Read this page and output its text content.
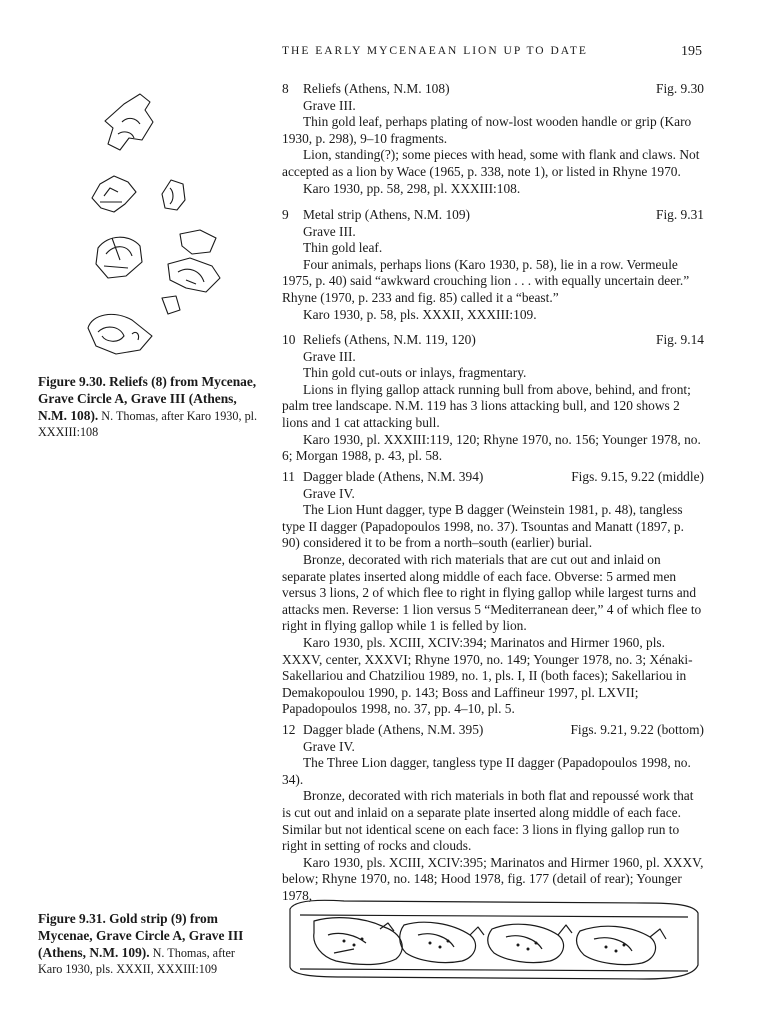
THE EARLY MYCENAEAN LION UP TO DATE	195
Figure 9.30. Reliefs (8) from Mycenae, Grave Circle A, Grave III (Athens, N.M. 108). N. Thomas, after Karo 1930, pl. XXXIII:108
8 Reliefs (Athens, N.M. 108)	Fig. 9.30
Grave III.

Thin gold leaf, perhaps plating of now-lost wooden handle or grip (Karo 1930, p. 298), 9–10 fragments.

Lion, standing(?); some pieces with head, some with flank and claws. Not accepted as a lion by Wace (1965, p. 338, note 1), or listed in Rhyne 1970.

Karo 1930, pp. 58, 298, pl. XXXIII:108.

9 Metal strip (Athens, N.M. 109)	Fig. 9.31
Grave III.

Thin gold leaf.

Four animals, perhaps lions (Karo 1930, p. 58), lie in a row. Vermeule 1975, p. 40) said “awkward crouching lion . . . with equally uncertain deer.” Rhyne (1970, p. 233 and fig. 85) called it a “beast.”

Karo 1930, p. 58, pls. XXXII, XXXIII:109.

10 Reliefs (Athens, N.M. 119, 120)	Fig. 9.14
Grave III.

Thin gold cut-outs or inlays, fragmentary.

Lions in flying gallop attack running bull from above, behind, and front; palm tree landscape. N.M. 119 has 3 lions attacking bull, and 120 shows 2 lions and 1 cat attacking bull.

Karo 1930, pl. XXXIII:119, 120; Rhyne 1970, no. 156; Younger 1978, no. 6; Morgan 1988, p. 43, pl. 58.

11 Dagger blade (Athens, N.M. 394)	Figs. 9.15, 9.22 (middle)
Grave IV.

The Lion Hunt dagger, type B dagger (Weinstein 1981, p. 48), tangless type II dagger (Papadopoulos 1998, no. 37). Tsountas and Manatt (1897, p. 90) considered it to be from a north–south (earlier) burial.

Bronze, decorated with rich materials that are cut out and inlaid on separate plates inserted along middle of each face. Obverse: 5 armed men versus 3 lions, 2 of which flee to right in flying gallop while largest turns and attacks men. Reverse: 1 lion versus 5 “Mediterranean deer,” 4 of which flee to right in flying gallop while 1 is felled by lion.

Karo 1930, pls. XCIII, XCIV:394; Marinatos and Hirmer 1960, pls. XXXV, center, XXXVI; Rhyne 1970, no. 149; Younger 1978, no. 3; Xénaki-Sakellariou and Chatziliou 1989, no. 1, pls. I, II (both faces); Sakellariou in Demakopoulou 1990, p. 143; Boss and Laffineur 1997, pl. LXVII; Papadopoulos 1998, no. 37, pp. 4–10, pl. 5.

12 Dagger blade (Athens, N.M. 395)	Figs. 9.21, 9.22 (bottom)
Grave IV.

The Three Lion dagger, tangless type II dagger (Papadopoulos 1998, no. 34).

Bronze, decorated with rich materials in both flat and repoussé work that is cut out and inlaid on a separate plate inserted along middle of each face. Similar but not identical scene on each face: 3 lions in flying gallop run to right in setting of rocks and clouds.

Karo 1930, pls. XCIII, XCIV:395; Marinatos and Hirmer 1960, pl. XXXV, below; Rhyne 1970, no. 148; Hood 1978, fig. 177 (detail of rear); Younger 1978,

Figure 9.31. Gold strip (9) from Mycenae, Grave Circle A, Grave III (Athens, N.M. 109). N. Thomas, after Karo 1930, pls. XXXII, XXXIII:109
